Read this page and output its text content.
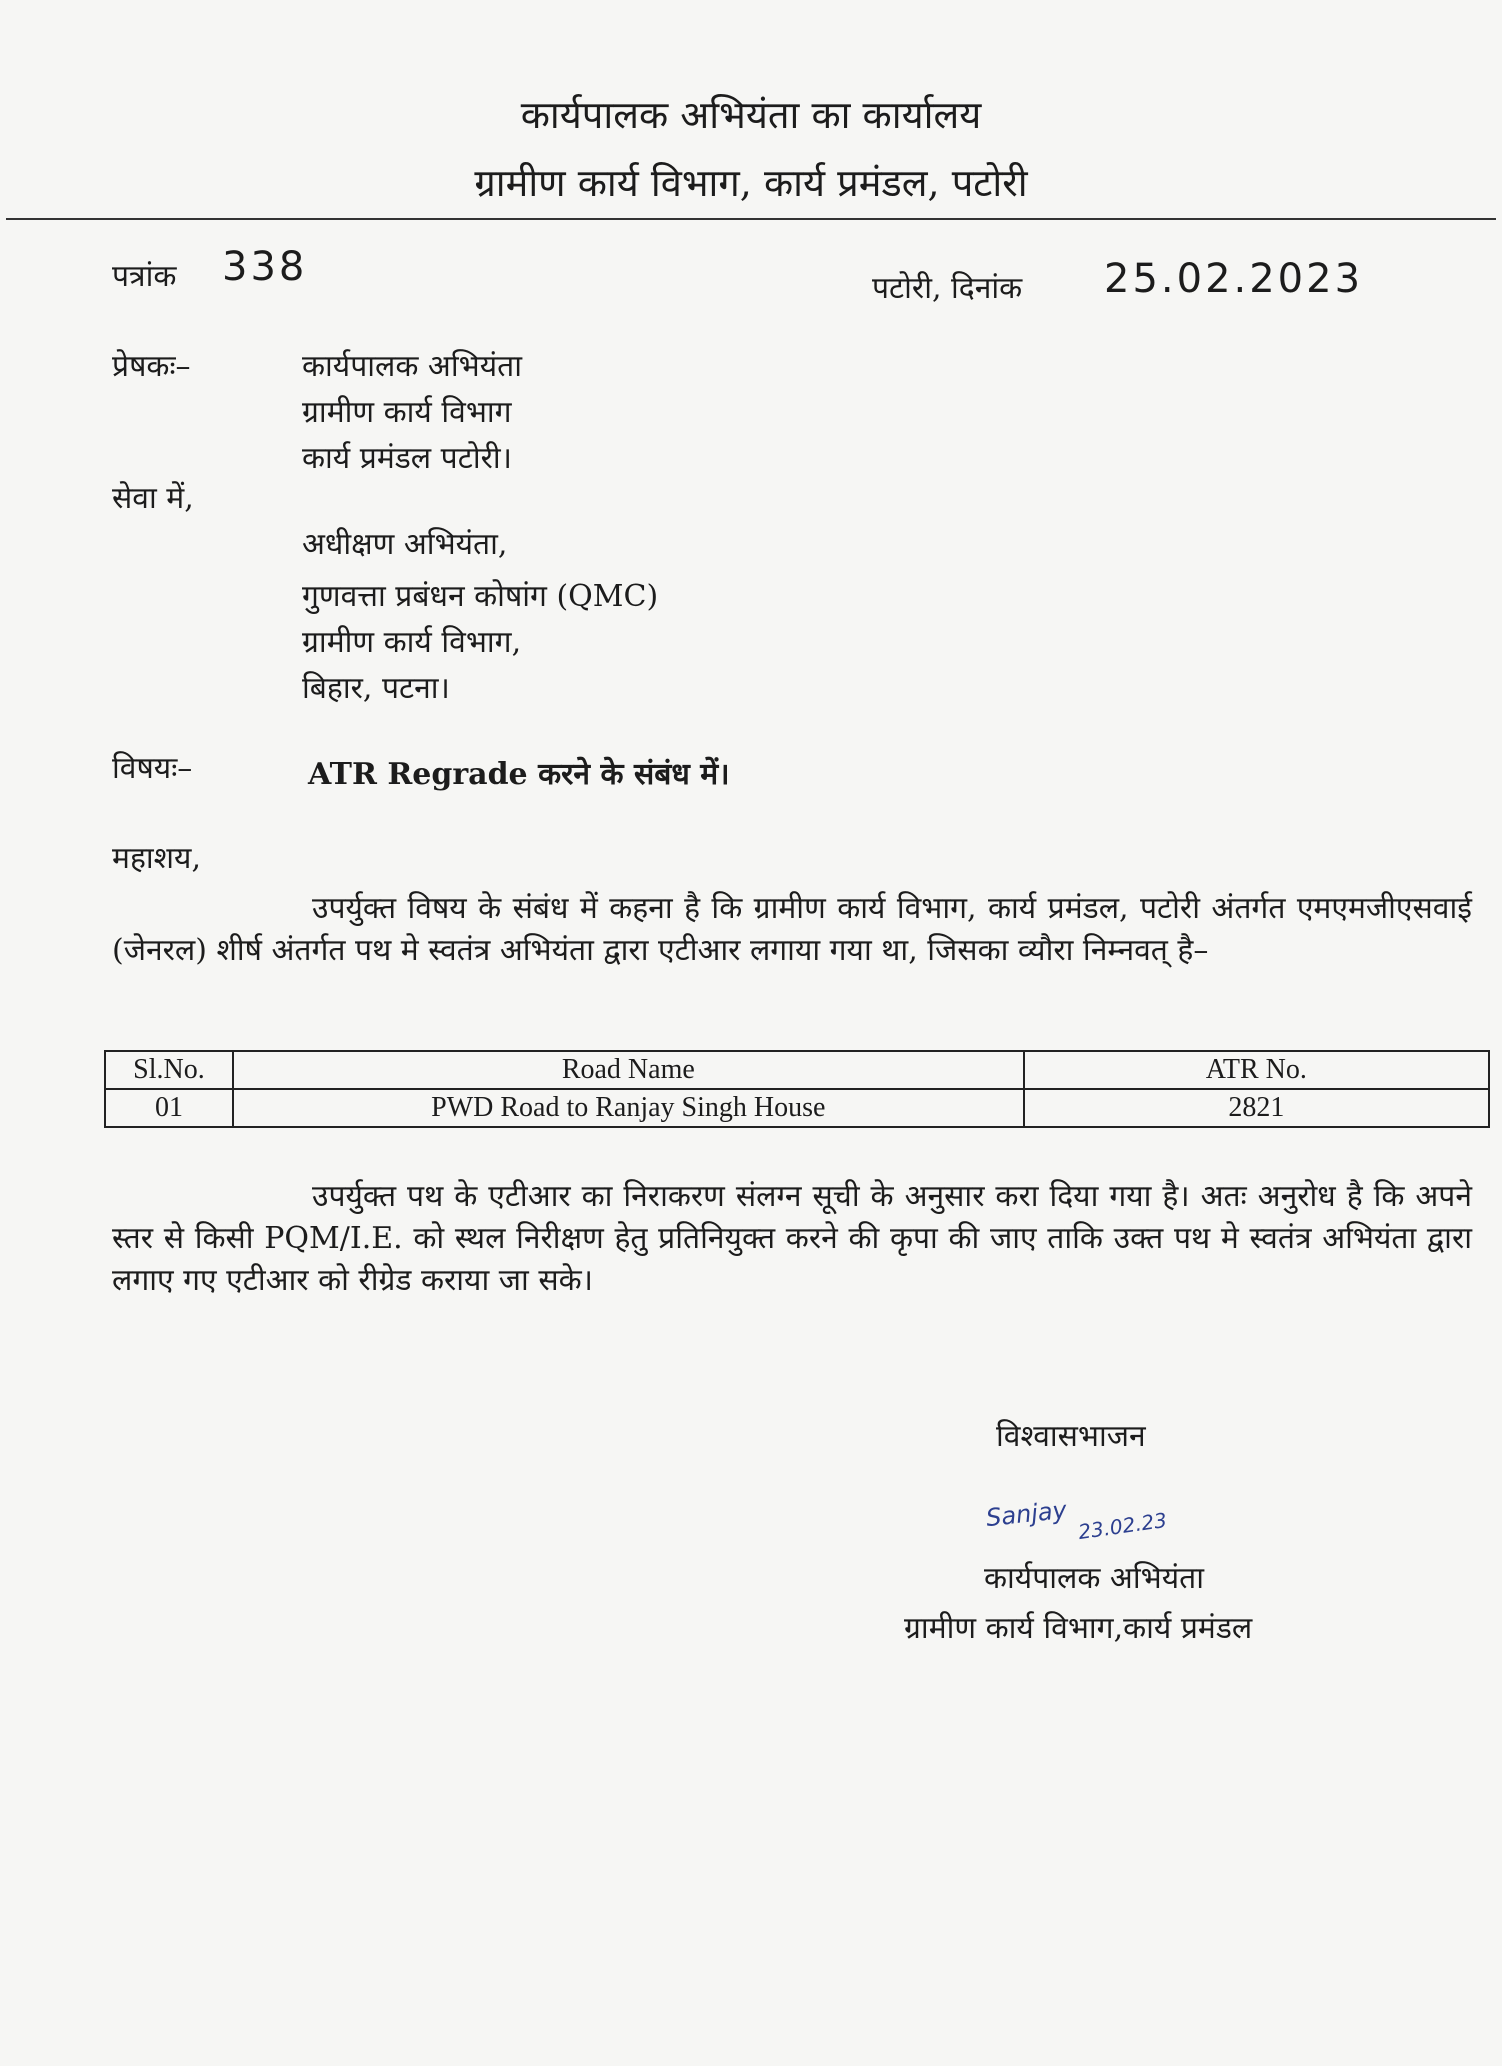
कार्यपालक अभियंता का कार्यालय
ग्रामीण कार्य विभाग, कार्य प्रमंडल, पटोरी
पत्रांक 338	पटोरी, दिनांक 25.02.2023
प्रेषकः–	कार्यपालक अभियंता
ग्रामीण कार्य विभाग
कार्य प्रमंडल पटोरी।
सेवा में,
अधीक्षण अभियंता,
गुणवत्ता प्रबंधन कोषांग (QMC)
ग्रामीण कार्य विभाग,
बिहार, पटना।
विषयः–	ATR Regrade करने के संबंध में।
महाशय,
उपर्युक्त विषय के संबंध में कहना है कि ग्रामीण कार्य विभाग, कार्य प्रमंडल, पटोरी अंतर्गत एमएमजीएसवाई (जेनरल) शीर्ष अंतर्गत पथ मे स्वतंत्र अभियंता द्वारा एटीआर लगाया गया था, जिसका व्यौरा निम्नवत् है–
Sl.No.	Road Name	ATR No.
01	PWD Road to Ranjay Singh House	2821
उपर्युक्त पथ के एटीआर का निराकरण संलग्न सूची के अनुसार करा दिया गया है। अतः अनुरोध है कि अपने स्तर से किसी PQM/I.E. को स्थल निरीक्षण हेतु प्रतिनियुक्त करने की कृपा की जाए ताकि उक्त पथ मे स्वतंत्र अभियंता द्वारा लगाए गए एटीआर को रीग्रेड कराया जा सके।
विश्वासभाजन
Sanjay 23.02.23
कार्यपालक अभियंता
ग्रामीण कार्य विभाग,कार्य प्रमंडल
